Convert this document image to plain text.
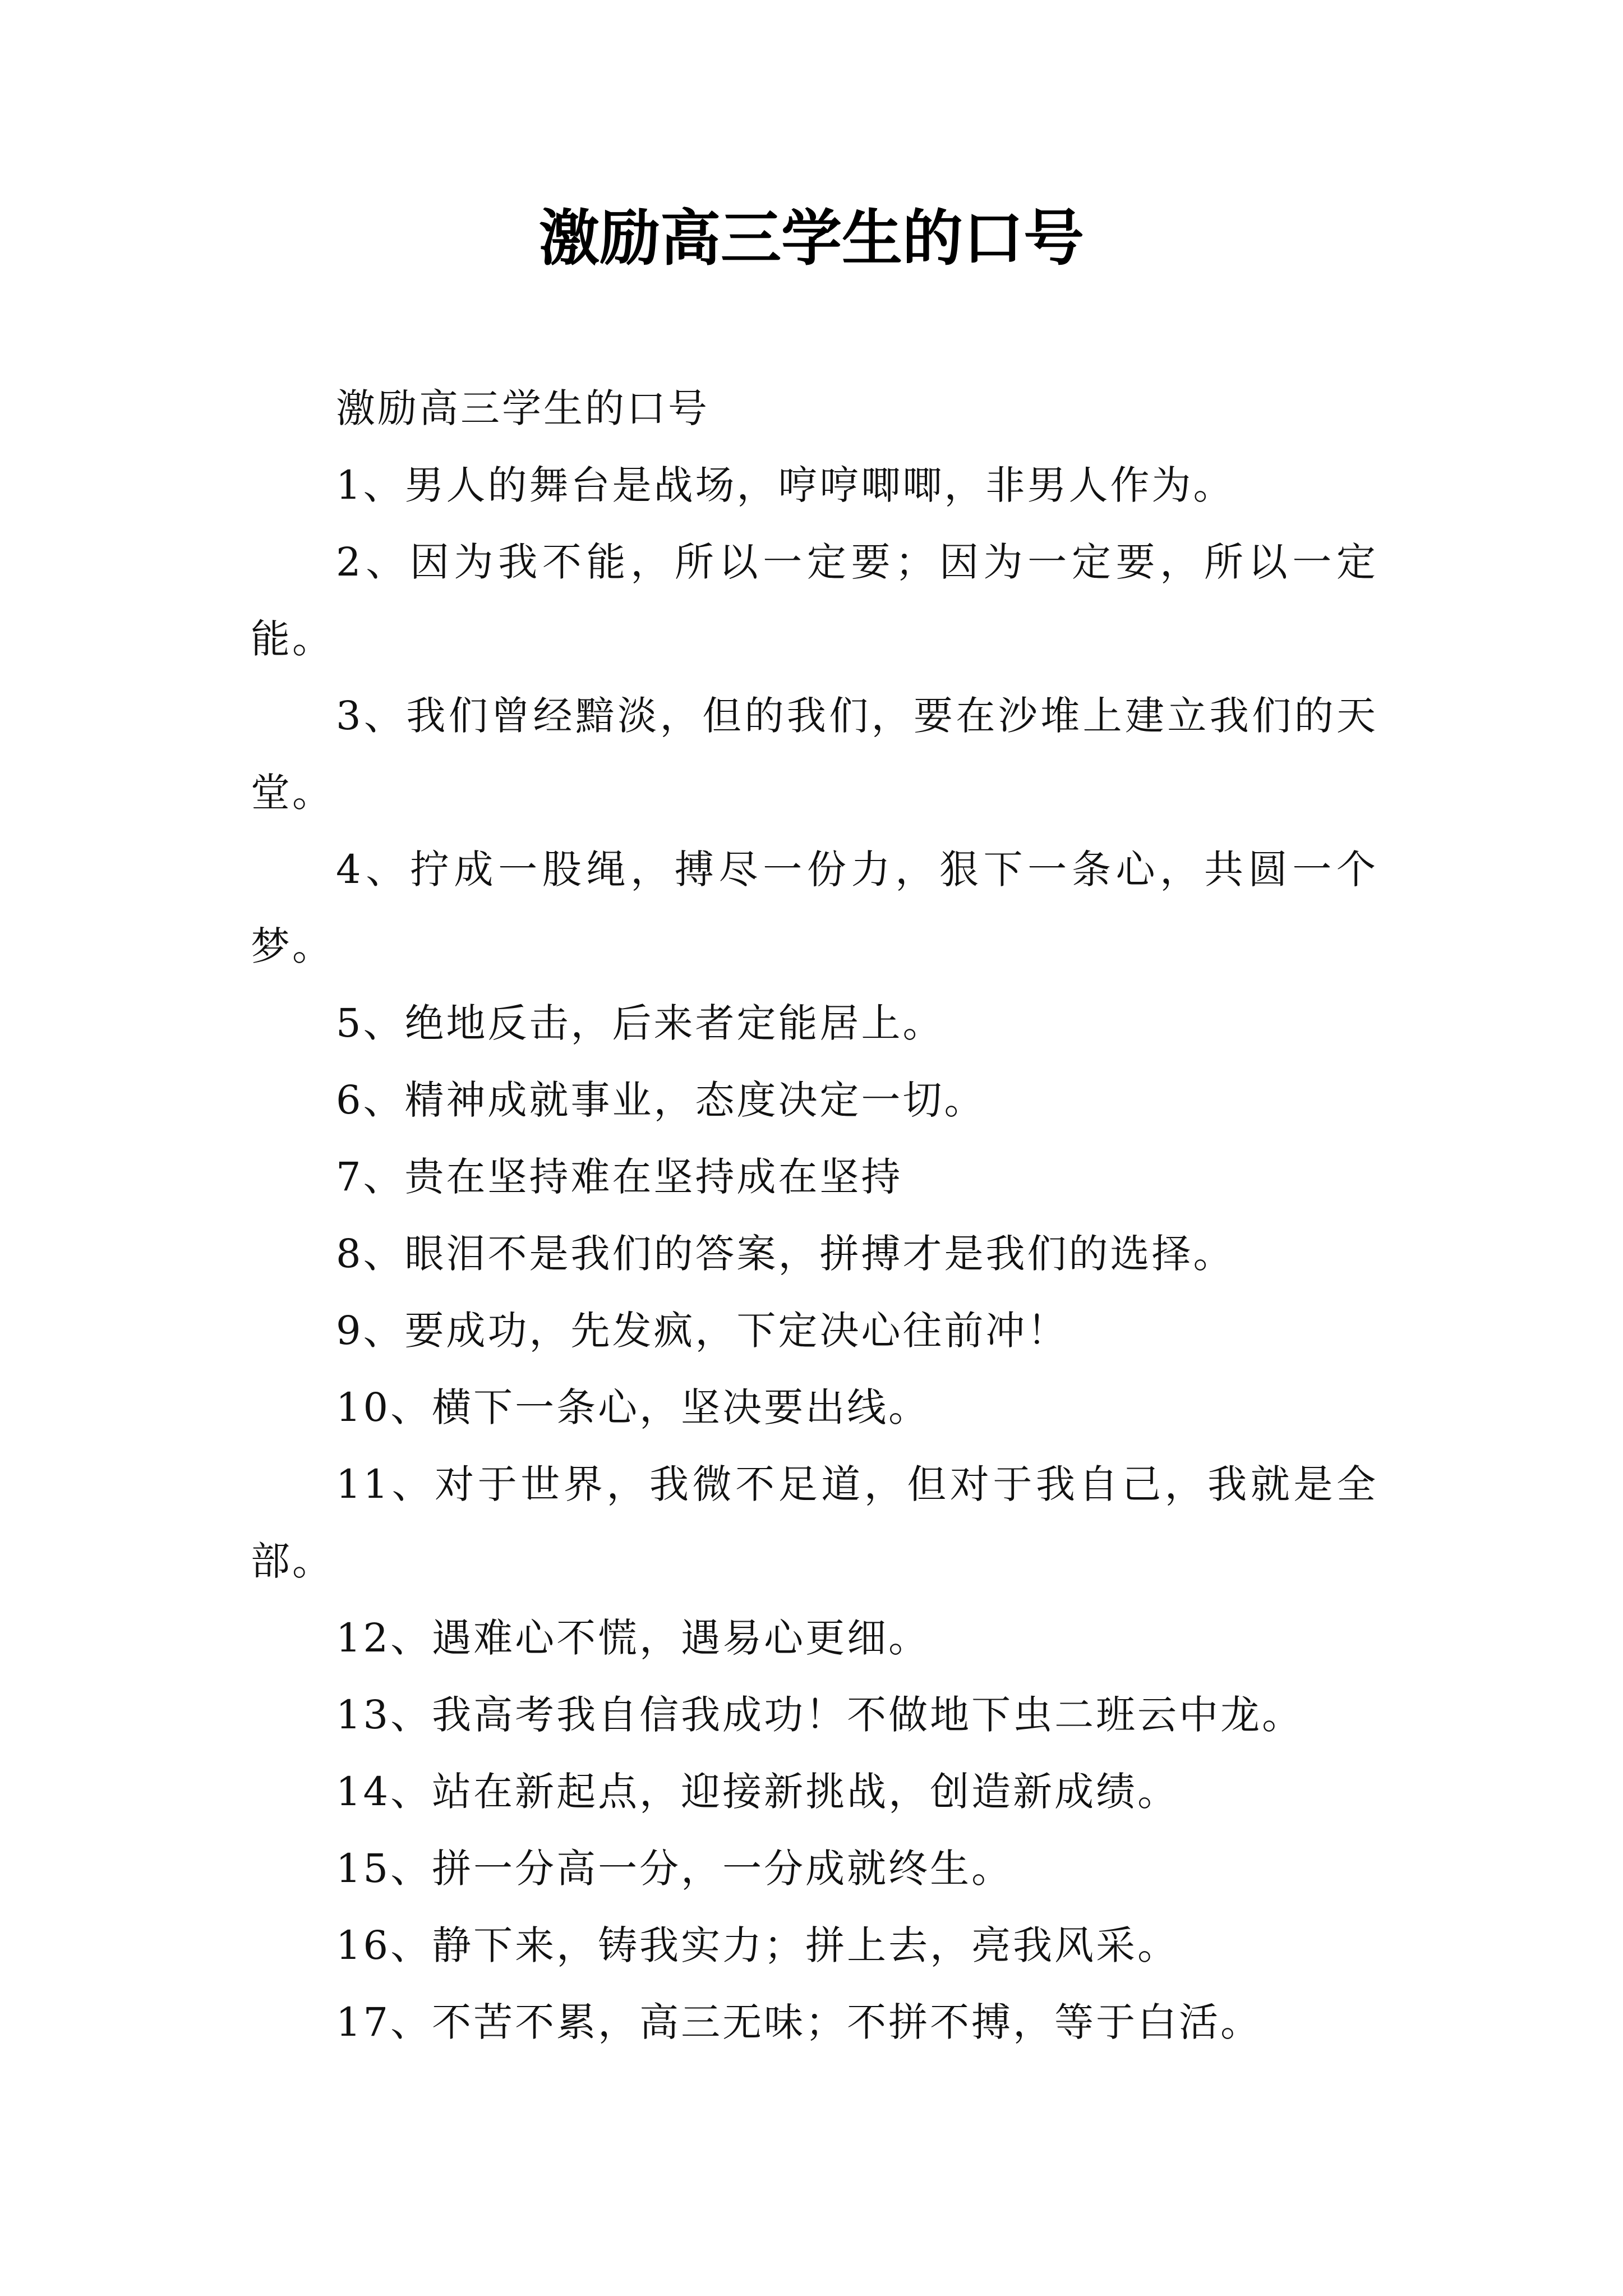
激励高三学生的口号

激励高三学生的口号

1、男人的舞台是战场，哼哼唧唧，非男人作为。

2、因为我不能，所以一定要；因为一定要，所以一定能。

3、我们曾经黯淡，但的我们，要在沙堆上建立我们的天堂。

4、拧成一股绳，搏尽一份力，狠下一条心，共圆一个梦。

5、绝地反击，后来者定能居上。

6、精神成就事业，态度决定一切。

7、贵在坚持难在坚持成在坚持

8、眼泪不是我们的答案，拼搏才是我们的选择。

9、要成功，先发疯，下定决心往前冲！

10、横下一条心，坚决要出线。

11、对于世界，我微不足道，但对于我自己，我就是全部。

12、遇难心不慌，遇易心更细。

13、我高考我自信我成功！不做地下虫二班云中龙。

14、站在新起点，迎接新挑战，创造新成绩。

15、拼一分高一分，一分成就终生。

16、静下来，铸我实力；拼上去，亮我风采。

17、不苦不累，高三无味；不拼不搏，等于白活。
